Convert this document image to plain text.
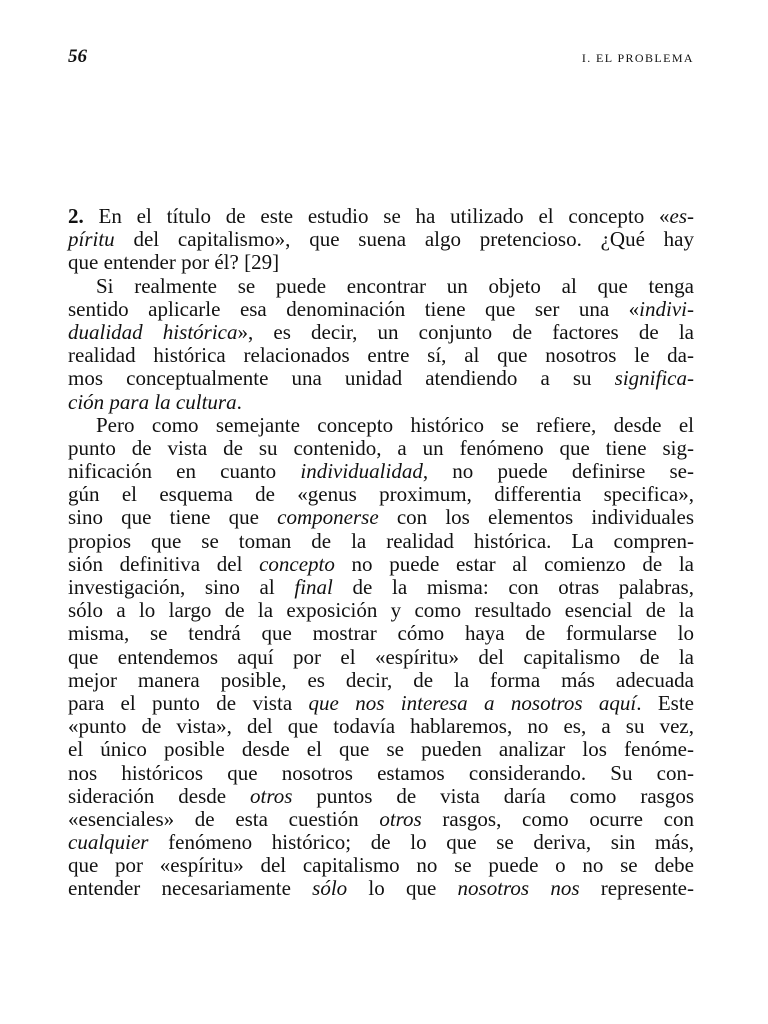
56	I. EL PROBLEMA
2. En el título de este estudio se ha utilizado el concepto «es-
píritu del capitalismo», que suena algo pretencioso. ¿Qué hay
que entender por él? [29]
Si realmente se puede encontrar un objeto al que tenga
sentido aplicarle esa denominación tiene que ser una «indivi-
dualidad histórica», es decir, un conjunto de factores de la
realidad histórica relacionados entre sí, al que nosotros le da-
mos conceptualmente una unidad atendiendo a su significa-
ción para la cultura.
Pero como semejante concepto histórico se refiere, desde el
punto de vista de su contenido, a un fenómeno que tiene sig-
nificación en cuanto individualidad, no puede definirse se-
gún el esquema de «genus proximum, differentia specifica»,
sino que tiene que componerse con los elementos individuales
propios que se toman de la realidad histórica. La compren-
sión definitiva del concepto no puede estar al comienzo de la
investigación, sino al final de la misma: con otras palabras,
sólo a lo largo de la exposición y como resultado esencial de la
misma, se tendrá que mostrar cómo haya de formularse lo
que entendemos aquí por el «espíritu» del capitalismo de la
mejor manera posible, es decir, de la forma más adecuada
para el punto de vista que nos interesa a nosotros aquí. Este
«punto de vista», del que todavía hablaremos, no es, a su vez,
el único posible desde el que se pueden analizar los fenóme-
nos históricos que nosotros estamos considerando. Su con-
sideración desde otros puntos de vista daría como rasgos
«esenciales» de esta cuestión otros rasgos, como ocurre con
cualquier fenómeno histórico; de lo que se deriva, sin más,
que por «espíritu» del capitalismo no se puede o no se debe
entender necesariamente sólo lo que nosotros nos represente-
